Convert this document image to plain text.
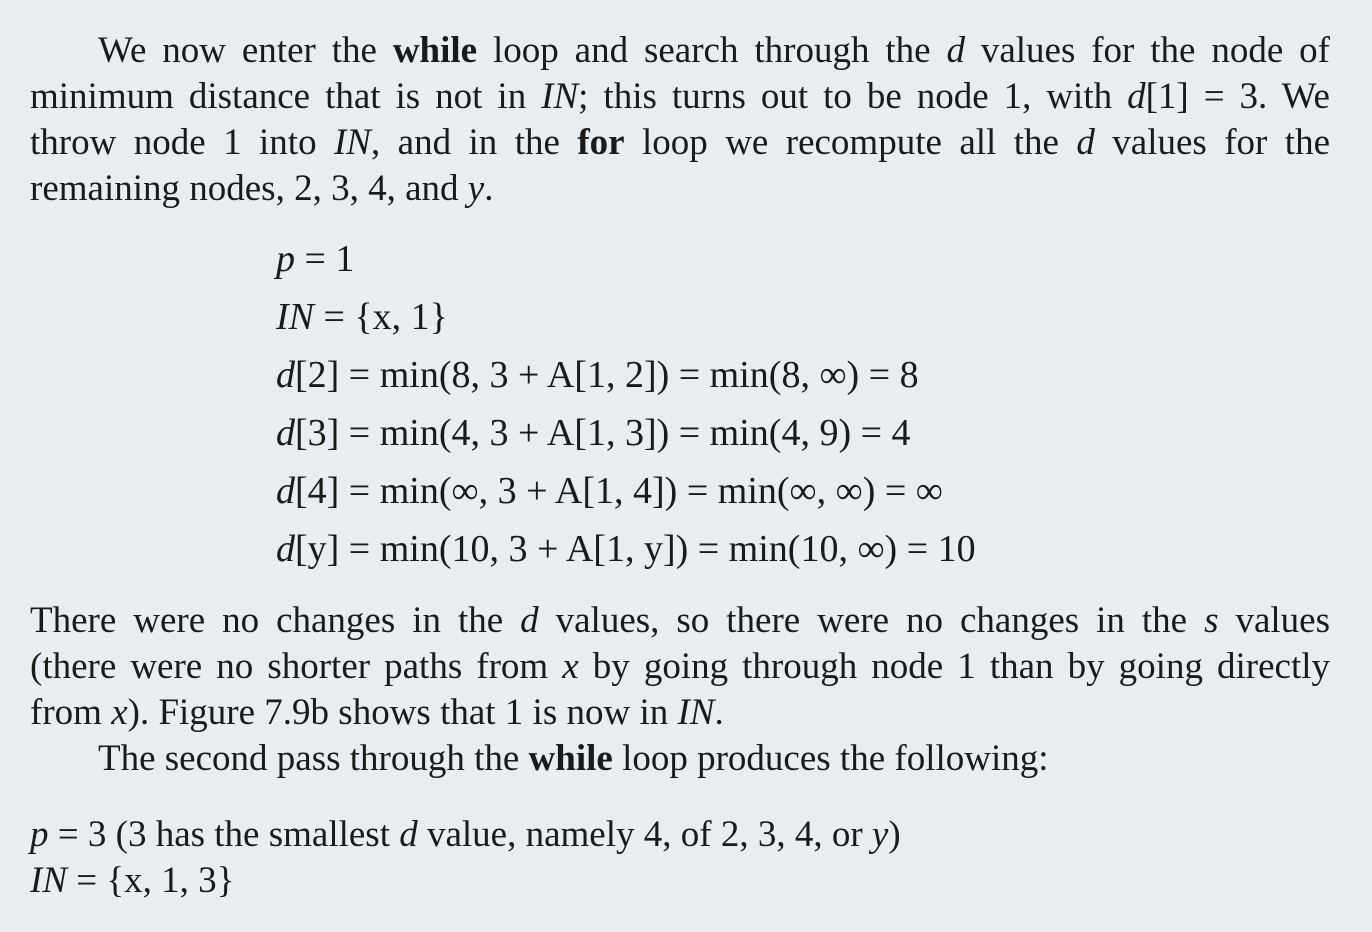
We now enter the while loop and search through the d values for the node of
minimum distance that is not in IN; this turns out to be node 1, with d[1] = 3. We
throw node 1 into IN, and in the for loop we recompute all the d values for the
remaining nodes, 2, 3, 4, and y.
p = 1
IN = {x, 1}
d[2] = min(8, 3 + A[1, 2]) = min(8, ∞) = 8
d[3] = min(4, 3 + A[1, 3]) = min(4, 9) = 4
d[4] = min(∞, 3 + A[1, 4]) = min(∞, ∞) = ∞
d[y] = min(10, 3 + A[1, y]) = min(10, ∞) = 10
There were no changes in the d values, so there were no changes in the s values
(there were no shorter paths from x by going through node 1 than by going directly
from x). Figure 7.9b shows that 1 is now in IN.
The second pass through the while loop produces the following:
p = 3 (3 has the smallest d value, namely 4, of 2, 3, 4, or y)
IN = {x, 1, 3}
